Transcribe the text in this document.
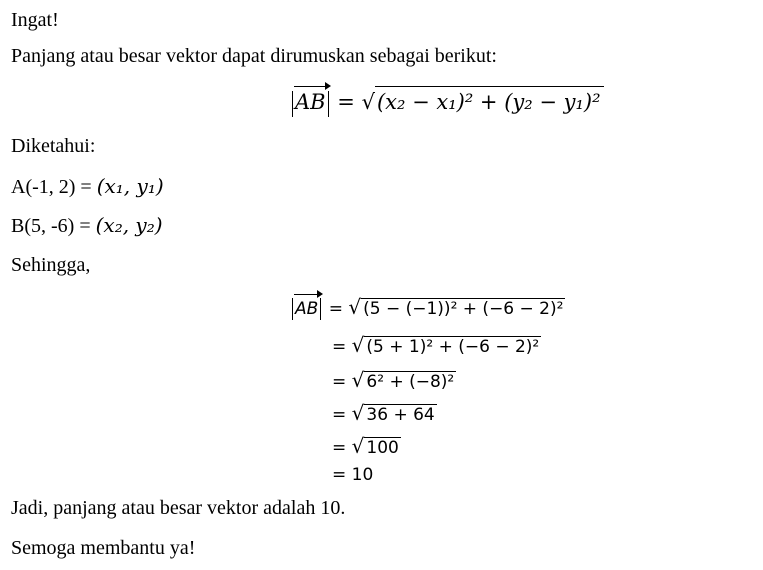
Ingat!
Panjang atau besar vektor dapat dirumuskan sebagai berikut:
AB = √(x₂ − x₁)² + (y₂ − y₁)²
Diketahui:
A(-1, 2) = (x₁, y₁)
B(5, -6) = (x₂, y₂)
Sehingga,
AB = √ (5 − (−1))² + (−6 − 2)²
= √ (5 + 1)² + (−6 − 2)²
= √ 6² + (−8)²
= √ 36 + 64
= √ 100
= 10
Jadi, panjang atau besar vektor adalah 10.
Semoga membantu ya!
